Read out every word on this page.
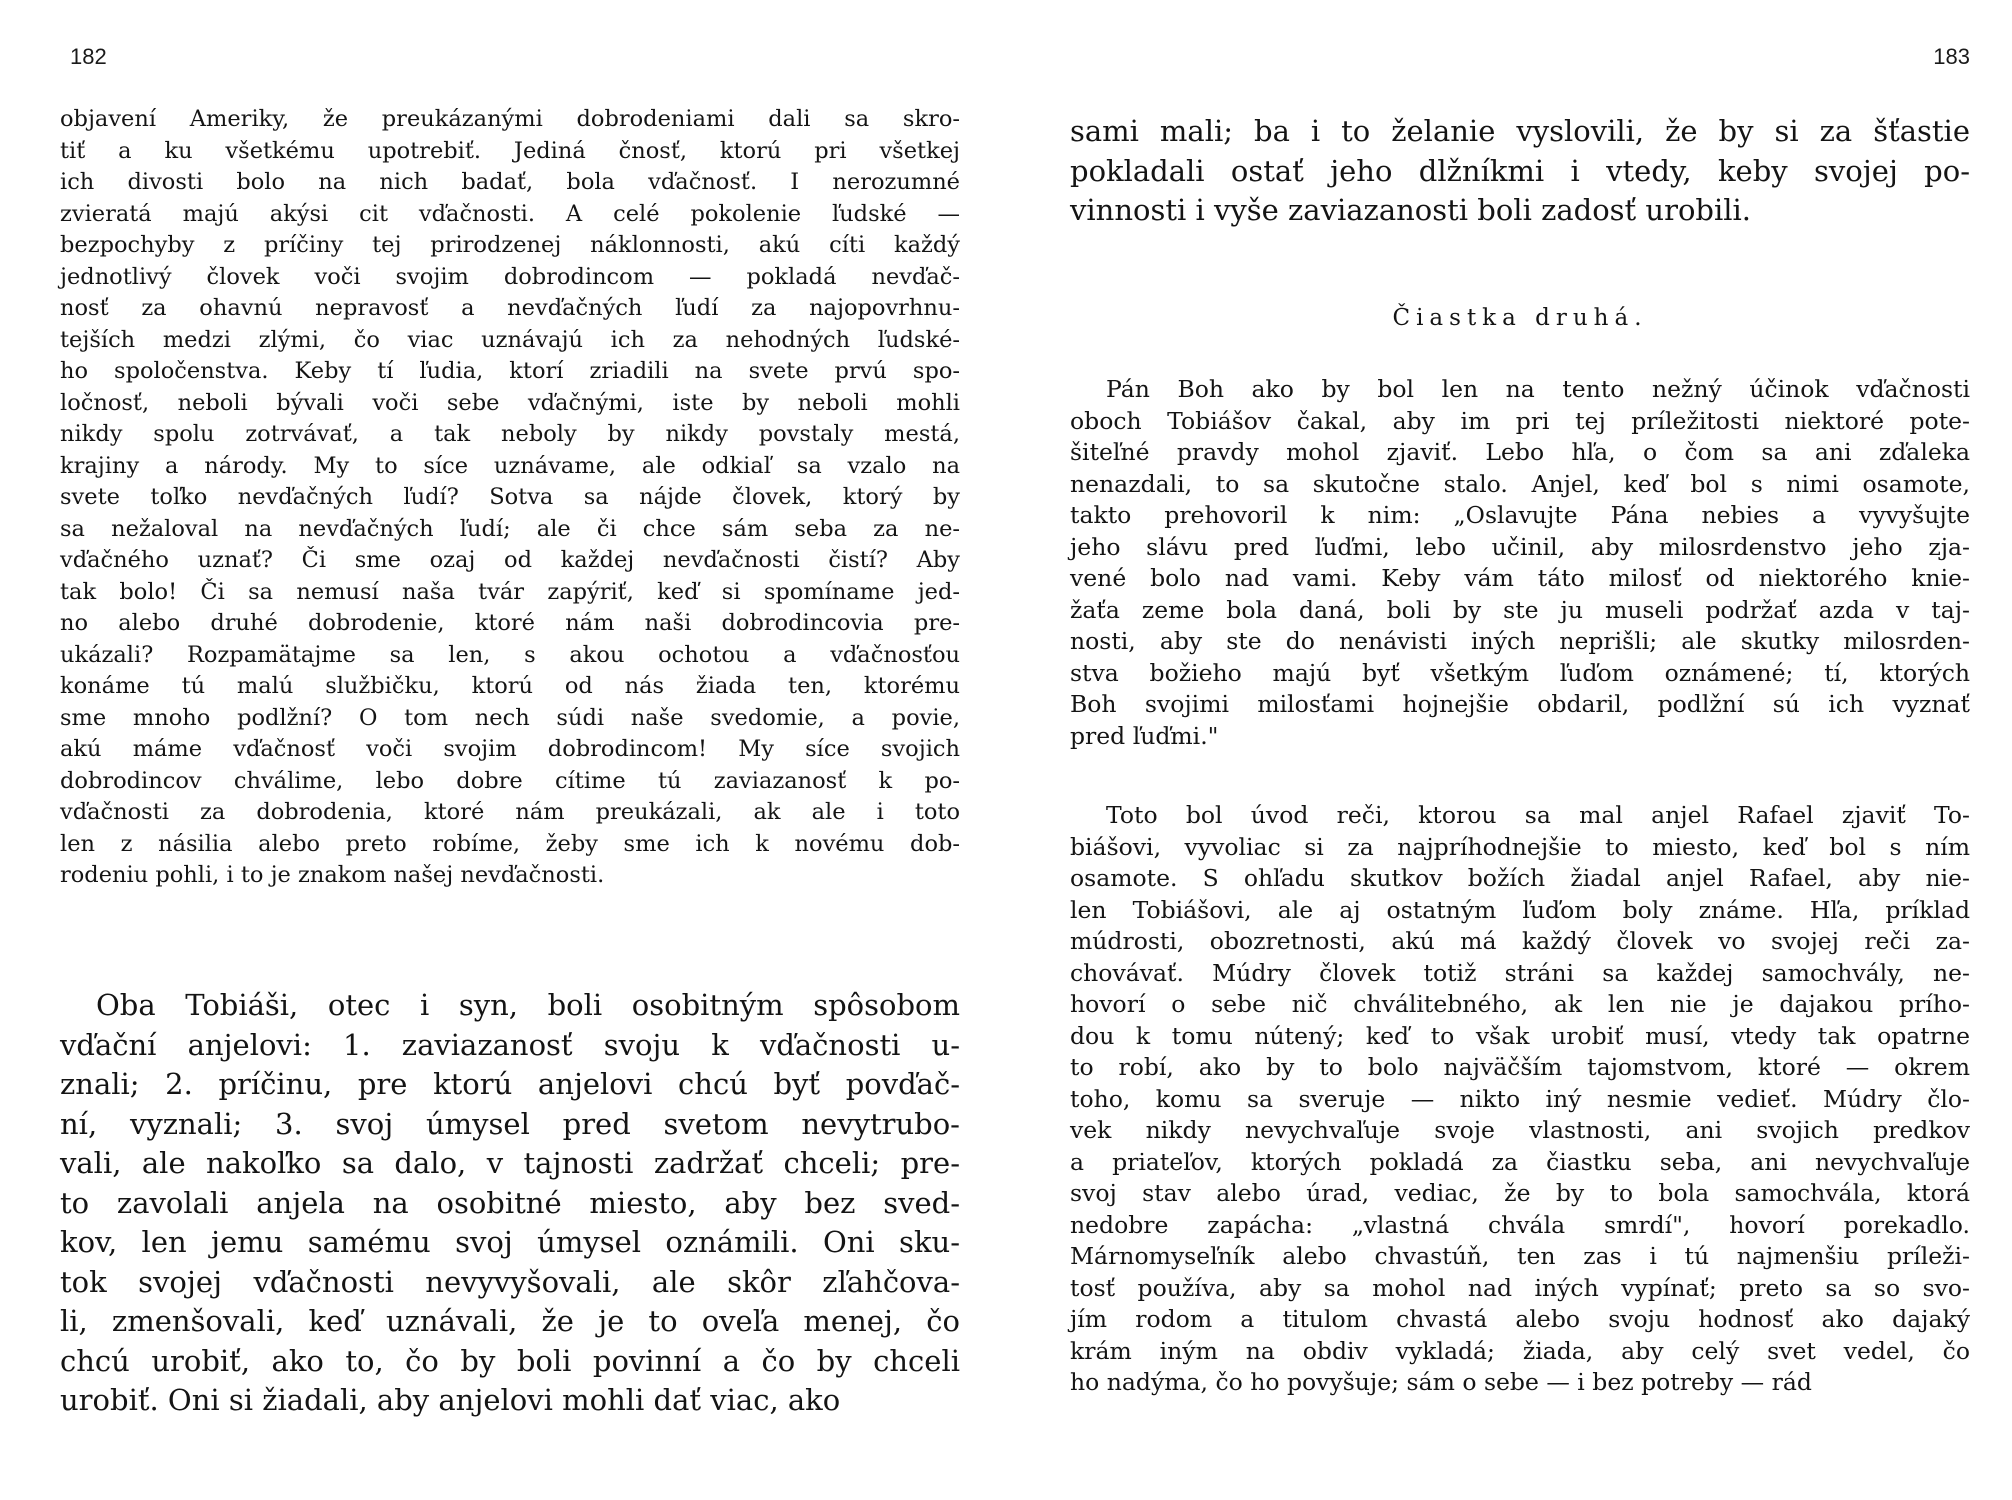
182
objavení Ameriky, že preukázanými dobrodeniami dali sa skro-
tiť a ku všetkému upotrebiť. Jediná čnosť, ktorú pri všetkej
ich divosti bolo na nich badať, bola vďačnosť. I nerozumné
zvieratá majú akýsi cit vďačnosti. A celé pokolenie ľudské —
bezpochyby z príčiny tej prirodzenej náklonnosti, akú cíti každý
jednotlivý človek voči svojim dobrodincom — pokladá nevďač-
nosť za ohavnú nepravosť a nevďačných ľudí za najopovrhnu-
tejších medzi zlými, čo viac uznávajú ich za nehodných ľudské-
ho spoločenstva. Keby tí ľudia, ktorí zriadili na svete prvú spo-
ločnosť, neboli bývali voči sebe vďačnými, iste by neboli mohli
nikdy spolu zotrvávať, a tak neboly by nikdy povstaly mestá,
krajiny a národy. My to síce uznávame, ale odkiaľ sa vzalo na
svete toľko nevďačných ľudí? Sotva sa nájde človek, ktorý by
sa nežaloval na nevďačných ľudí; ale či chce sám seba za ne-
vďačného uznať? Či sme ozaj od každej nevďačnosti čistí? Aby
tak bolo! Či sa nemusí naša tvár zapýriť, keď si spomíname jed-
no alebo druhé dobrodenie, ktoré nám naši dobrodincovia pre-
ukázali? Rozpamätajme sa len, s akou ochotou a vďačnosťou
konáme tú malú službičku, ktorú od nás žiada ten, ktorému
sme mnoho podlžní? O tom nech súdi naše svedomie, a povie,
akú máme vďačnosť voči svojim dobrodincom! My síce svojich
dobrodincov chválime, lebo dobre cítime tú zaviazanosť k po-
vďačnosti za dobrodenia, ktoré nám preukázali, ak ale i toto
len z násilia alebo preto robíme, žeby sme ich k novému dob-
rodeniu pohli, i to je znakom našej nevďačnosti.
Oba Tobiáši, otec i syn, boli osobitným spôsobom
vďační anjelovi: 1. zaviazanosť svoju k vďačnosti u-
znali; 2. príčinu, pre ktorú anjelovi chcú byť povďač-
ní, vyznali; 3. svoj úmysel pred svetom nevytrubo-
vali, ale nakoľko sa dalo, v tajnosti zadržať chceli; pre-
to zavolali anjela na osobitné miesto, aby bez sved-
kov, len jemu samému svoj úmysel oznámili. Oni sku-
tok svojej vďačnosti nevyvyšovali, ale skôr zľahčova-
li, zmenšovali, keď uznávali, že je to oveľa menej, čo
chcú urobiť, ako to, čo by boli povinní a čo by chceli
urobiť. Oni si žiadali, aby anjelovi mohli dať viac, ako
183
sami mali; ba i to želanie vyslovili, že by si za šťastie
pokladali ostať jeho dlžníkmi i vtedy, keby svojej po-
vinnosti i vyše zaviazanosti boli zadosť urobili.
Čiastka druhá.
Pán Boh ako by bol len na tento nežný účinok vďačnosti
oboch Tobiášov čakal, aby im pri tej príležitosti niektoré pote-
šiteľné pravdy mohol zjaviť. Lebo hľa, o čom sa ani zďaleka
nenazdali, to sa skutočne stalo. Anjel, keď bol s nimi osamote,
takto prehovoril k nim: „Oslavujte Pána nebies a vyvyšujte
jeho slávu pred ľuďmi, lebo učinil, aby milosrdenstvo jeho zja-
vené bolo nad vami. Keby vám táto milosť od niektorého knie-
žaťa zeme bola daná, boli by ste ju museli podržať azda v taj-
nosti, aby ste do nenávisti iných neprišli; ale skutky milosrden-
stva božieho majú byť všetkým ľuďom oznámené; tí, ktorých
Boh svojimi milosťami hojnejšie obdaril, podlžní sú ich vyznať
pred ľuďmi."
Toto bol úvod reči, ktorou sa mal anjel Rafael zjaviť To-
biášovi, vyvoliac si za najpríhodnejšie to miesto, keď bol s ním
osamote. S ohľadu skutkov božích žiadal anjel Rafael, aby nie-
len Tobiášovi, ale aj ostatným ľuďom boly známe. Hľa, príklad
múdrosti, obozretnosti, akú má každý človek vo svojej reči za-
chovávať. Múdry človek totiž stráni sa každej samochvály, ne-
hovorí o sebe nič chválitebného, ak len nie je dajakou prího-
dou k tomu nútený; keď to však urobiť musí, vtedy tak opatrne
to robí, ako by to bolo najväčším tajomstvom, ktoré — okrem
toho, komu sa sveruje — nikto iný nesmie vedieť. Múdry člo-
vek nikdy nevychvaľuje svoje vlastnosti, ani svojich predkov
a priateľov, ktorých pokladá za čiastku seba, ani nevychvaľuje
svoj stav alebo úrad, vediac, že by to bola samochvála, ktorá
nedobre zapácha: „vlastná chvála smrdí", hovorí porekadlo.
Márnomyseľník alebo chvastúň, ten zas i tú najmenšiu príleži-
tosť používa, aby sa mohol nad iných vypínať; preto sa so svo-
jím rodom a titulom chvastá alebo svoju hodnosť ako dajaký
krám iným na obdiv vykladá; žiada, aby celý svet vedel, čo
ho nadýma, čo ho povyšuje; sám o sebe — i bez potreby — rád
